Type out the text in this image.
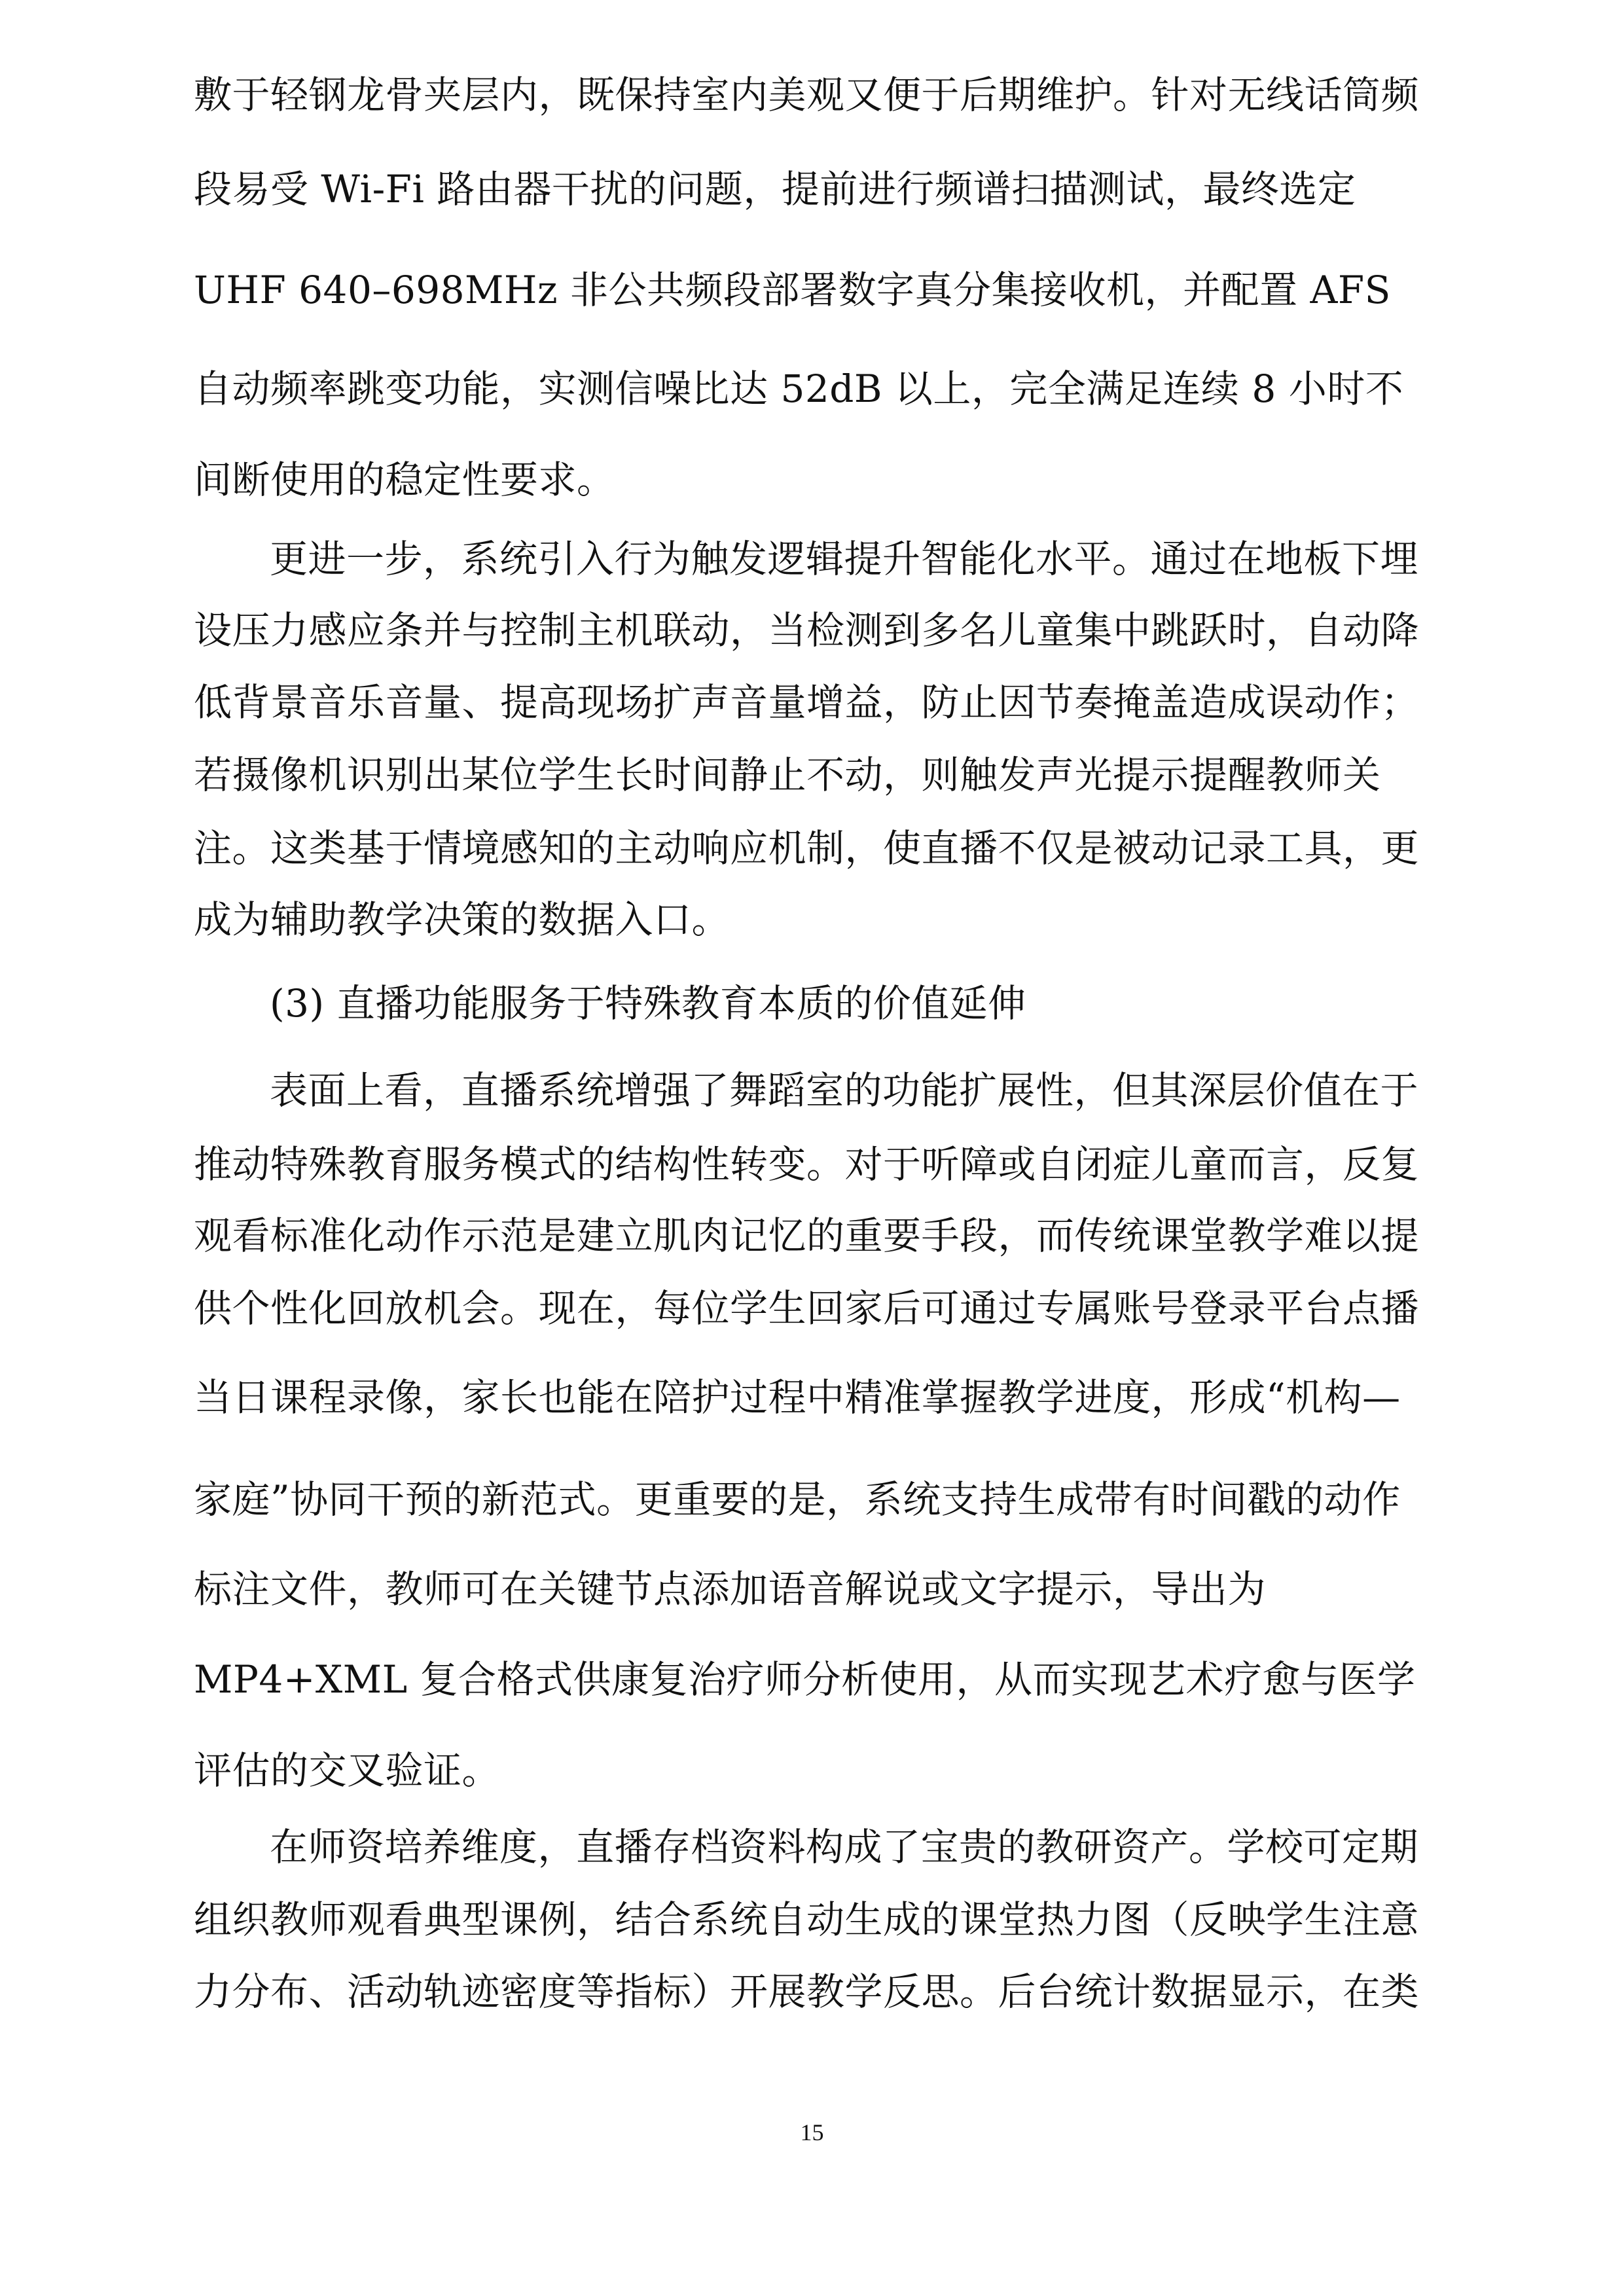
敷于轻钢龙骨夹层内，既保持室内美观又便于后期维护。针对无线话筒频
段易受 Wi-Fi 路由器干扰的问题，提前进行频谱扫描测试，最终选定
UHF 640–698MHz 非公共频段部署数字真分集接收机，并配置 AFS
自动频率跳变功能，实测信噪比达 52dB 以上，完全满足连续 8 小时不
间断使用的稳定性要求。
更进一步，系统引入行为触发逻辑提升智能化水平。通过在地板下埋
设压力感应条并与控制主机联动，当检测到多名儿童集中跳跃时，自动降
低背景音乐音量、提高现场扩声音量增益，防止因节奏掩盖造成误动作；
若摄像机识别出某位学生长时间静止不动，则触发声光提示提醒教师关
注。这类基于情境感知的主动响应机制，使直播不仅是被动记录工具，更
成为辅助教学决策的数据入口。
(3) 直播功能服务于特殊教育本质的价值延伸
表面上看，直播系统增强了舞蹈室的功能扩展性，但其深层价值在于
推动特殊教育服务模式的结构性转变。对于听障或自闭症儿童而言，反复
观看标准化动作示范是建立肌肉记忆的重要手段，而传统课堂教学难以提
供个性化回放机会。现在，每位学生回家后可通过专属账号登录平台点播
当日课程录像，家长也能在陪护过程中精准掌握教学进度，形成“机构—
家庭”协同干预的新范式。更重要的是，系统支持生成带有时间戳的动作
标注文件，教师可在关键节点添加语音解说或文字提示，导出为
MP4+XML 复合格式供康复治疗师分析使用，从而实现艺术疗愈与医学
评估的交叉验证。
在师资培养维度，直播存档资料构成了宝贵的教研资产。学校可定期
组织教师观看典型课例，结合系统自动生成的课堂热力图（反映学生注意
力分布、活动轨迹密度等指标）开展教学反思。后台统计数据显示，在类
15
